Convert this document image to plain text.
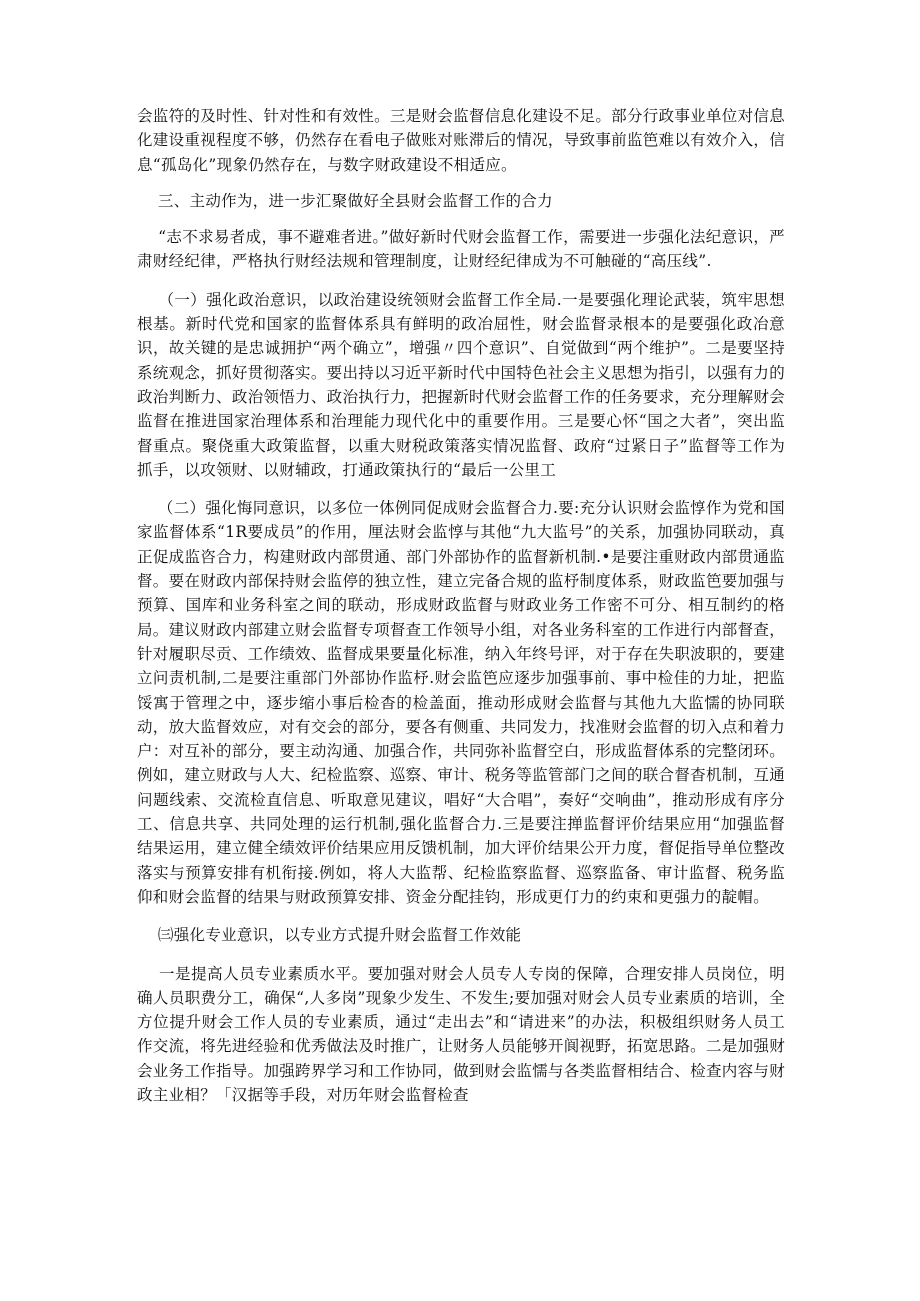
会监符的及时性、针对性和有效性。三是财会监督信息化建设不足。部分行政事业单位对信息化建设重视程度不够，仍然存在看电子做账对账滞后的情况，导致事前监笆难以有效介入，信息“孤岛化”现象仍然存在，与数字财政建设不相适应。

三、主动作为，进一步汇聚做好全县财会监督工作的合力

“志不求易者成，事不避难者进。”做好新时代财会监督工作，需要进一步强化法纪意识，严肃财经纪律，严格执行财经法规和管理制度，让财经纪律成为不可触碰的“高压线”.

（一）强化政治意识，以政治建设统领财会监督工作全局.一是要强化理论武装，筑牢思想根基。新时代党和国家的监督体系具有鲜明的政冶屈性，财会监督录根本的是要强化政冶意识，故关键的是忠诚拥护“两个确立”，增强〃四个意识”、自觉做到“两个维护”。二是要坚持系统观念，抓好贯彻落实。要出持以习近平新时代中国特色社会主义思想为指引，以强有力的政治判断力、政治领悟力、政治执行力，把握新时代财会监督工作的任务要求，充分理解财会监督在推进国家治理体系和治理能力现代化中的重要作用。三是要心怀“国之大者”，突出监督重点。聚侥重大政策监督，以重大财税政策落实情况监督、政府“过紧日子”监督等工作为抓手，以攻领财、以财辅政，打通政策执行的“最后一公里工

（二）强化悔同意识，以多位一体例同促成财会监督合力.要:充分认识财会监惇作为党和国家监督体系“1R要成员”的作用，厘法财会监惇与其他“九大监号”的关系，加强协同联动，真正促成监咨合力，构建财政内部贯通、部门外部协作的监督新机制.•是要注重财政内部贯通监督。要在财政内部保持财会监停的独立性，建立完备合规的监杼制度体系，财政监笆要加强与预算、国库和业务科室之间的联动，形成财政监督与财政业务工作密不可分、相互制约的格局。建议财政内部建立财会监督专项督查工作领导小组，对各业务科室的工作进行内部督查，针对履职尽贡、工作绩效、监督成果要量化标准，纳入年终号评，对于存在失职波职的，要建立问责机制,二是要注重部门外部协作监杼.财会监笆应逐步加强事前、事中检佳的力址，把监馁寓于管理之中，逐步缩小事后检杳的检盖面，推动形成财会监督与其他九大监懦的协同联动，放大监督效应，对有交会的部分，要各有侧重、共同发力，找准财会监督的切入点和着力户：对互补的部分，要主动沟通、加强合作，共同弥补监督空白，形成监督体系的完整闭环。例如，建立财政与人大、纪检监察、巡察、审计、税务等监管部门之间的联合督杳机制，互通问题线索、交流检直信息、听取意见建议，唱好“大合唱”，奏好“交响曲”，推动形成有序分工、信息共享、共同处理的运行机制,强化监督合力.三是要注掸监督评价结果应用“加强监督结果运用，建立健全绩效评价结果应用反馈机制，加大评价结果公开力度，督促指导单位整改落实与预算安排有机衔接.例如，将人大监帮、纪检监察监督、巡察监备、审计监督、税务监仰和财会监督的结果与财政预算安排、资金分配挂钧，形成更仃力的约束和更强力的靛帽。

㈢强化专业意识，以专业方式提升财会监督工作效能

一是提高人员专业素质水平。要加强对财会人员专人专岗的保障，合理安排人员岗位，明确人员职费分工，确保“,人多岗”现象少发生、不发生;要加强对财会人员专业素质的培训，全方位提升财会工作人员的专业素质，通过“走出去”和“请进来”的办法，积极组织财务人员工作交流，将先进经验和优秀做法及时推广，让财务人员能够开阆视野，拓宽思路。二是加强财会业务工作指导。加强跨界学习和工作协同，做到财会监懦与各类监督相结合、检查内容与财政主业相？「汉据等手段，对历年财会监督检查
